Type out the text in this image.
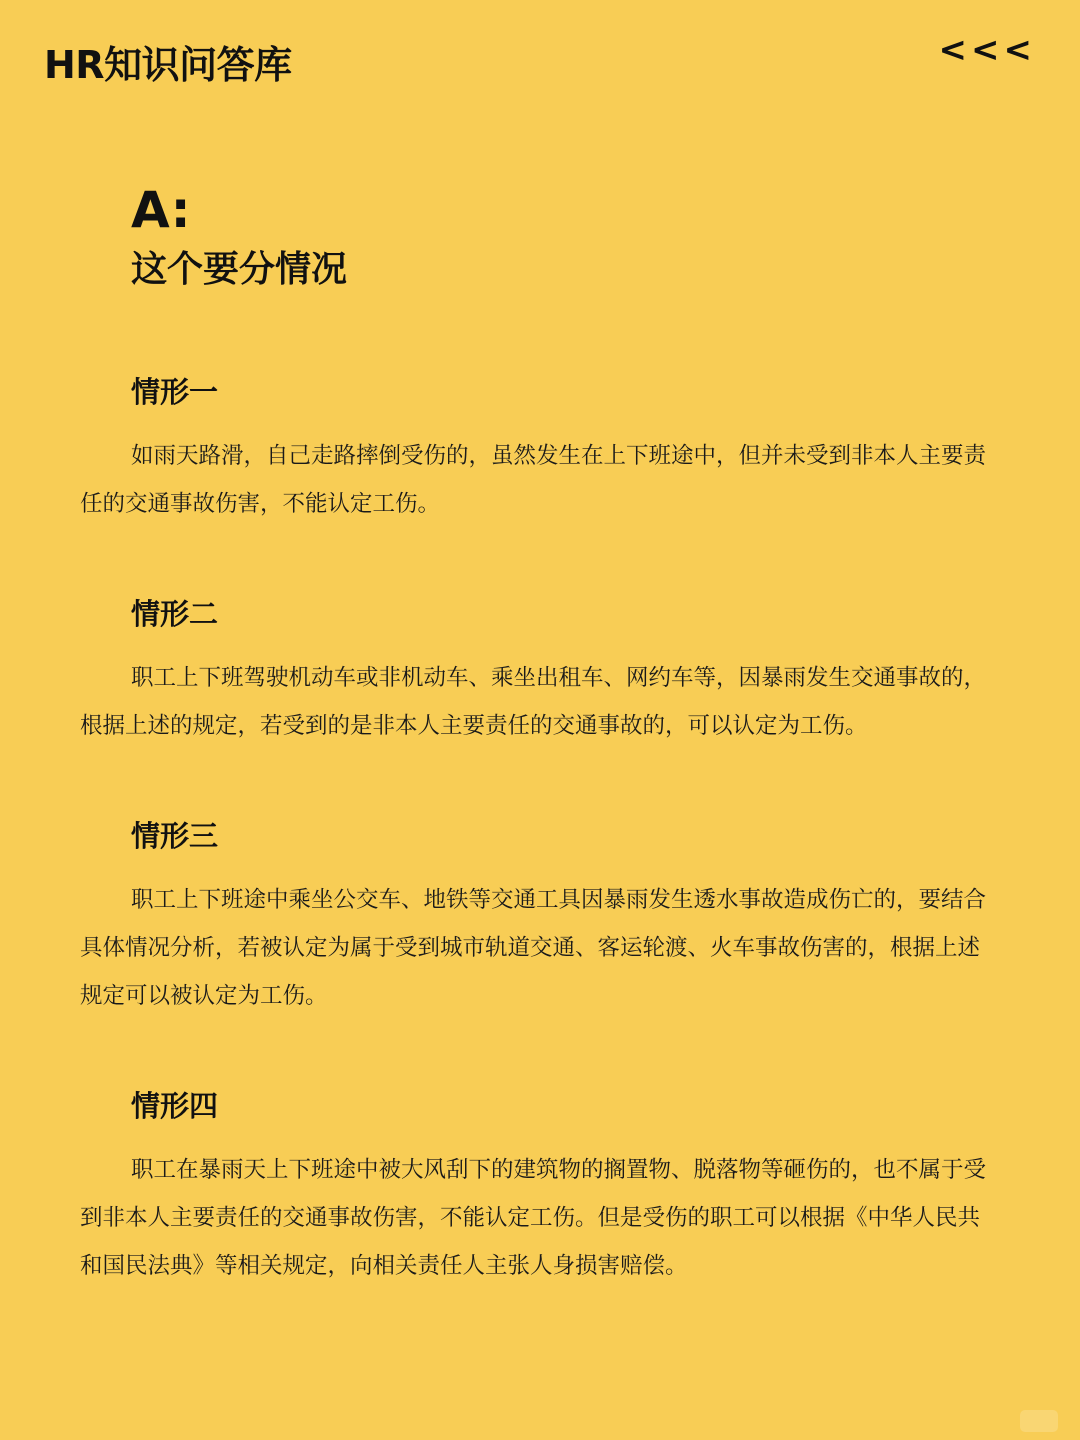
HR知识问答库	<<<
A:
这个要分情况
情形一
如雨天路滑，自己走路摔倒受伤的，虽然发生在上下班途中，但并未受到非本人主要责任的交通事故伤害，不能认定工伤。
情形二
职工上下班驾驶机动车或非机动车、乘坐出租车、网约车等，因暴雨发生交通事故的，根据上述的规定，若受到的是非本人主要责任的交通事故的，可以认定为工伤。
情形三
职工上下班途中乘坐公交车、地铁等交通工具因暴雨发生透水事故造成伤亡的，要结合具体情况分析，若被认定为属于受到城市轨道交通、客运轮渡、火车事故伤害的，根据上述规定可以被认定为工伤。
情形四
职工在暴雨天上下班途中被大风刮下的建筑物的搁置物、脱落物等砸伤的，也不属于受到非本人主要责任的交通事故伤害，不能认定工伤。但是受伤的职工可以根据《中华人民共和国民法典》等相关规定，向相关责任人主张人身损害赔偿。
